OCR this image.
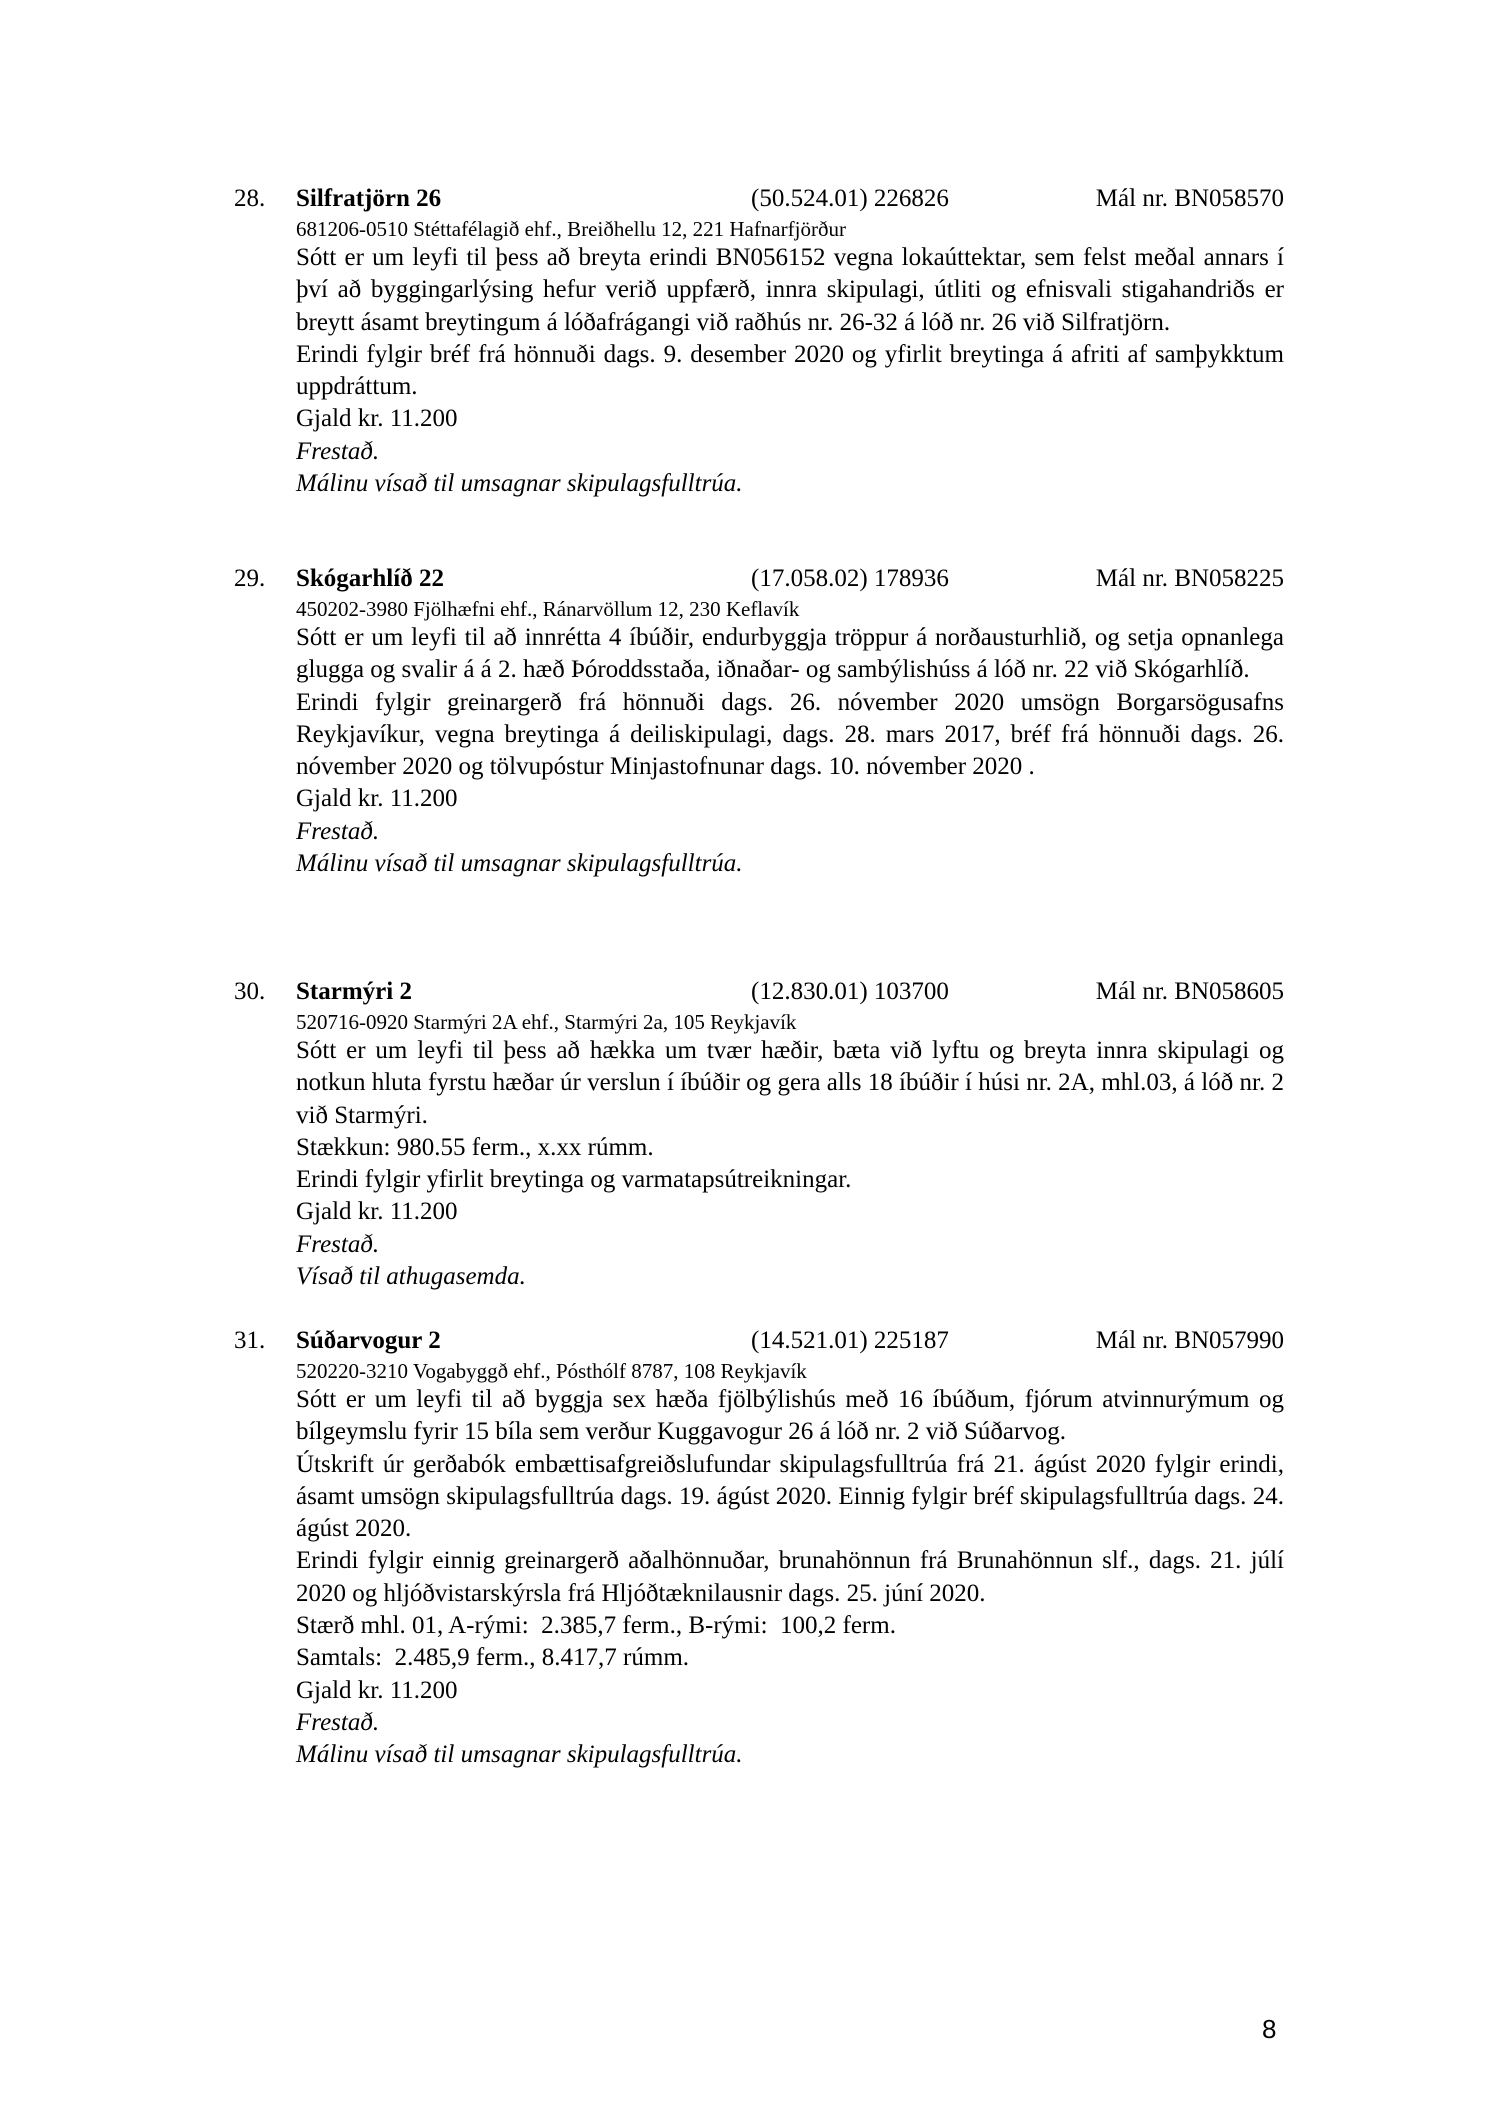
28. Silfratjörn 26	(50.524.01) 226826	Mál nr. BN058570
681206-0510 Stéttafélagið ehf., Breiðhellu 12, 221 Hafnarfjörður
Sótt er um leyfi til þess að breyta erindi BN056152 vegna lokaúttektar, sem felst meðal annars í því að byggingarlýsing hefur verið uppfærð, innra skipulagi, útliti og efnisvali stigahandriðs er breytt ásamt breytingum á lóðafrágangi við raðhús nr. 26-32 á lóð nr. 26 við Silfratjörn.
Erindi fylgir bréf frá hönnuði dags. 9. desember 2020 og yfirlit breytinga á afriti af samþykktum uppdráttum.
Gjald kr. 11.200
Frestað.
Málinu vísað til umsagnar skipulagsfulltrúa.
29. Skógarhlíð 22	(17.058.02) 178936	Mál nr. BN058225
450202-3980 Fjölhæfni ehf., Ránarvöllum 12, 230 Keflavík
Sótt er um leyfi til að innrétta 4 íbúðir, endurbyggja tröppur á norðausturhlið, og setja opnanlega glugga og svalir á á 2. hæð Þóroddsstaða, iðnaðar- og sambýlishúss á lóð nr. 22 við Skógarhlíð.
Erindi fylgir greinargerð frá hönnuði dags. 26. nóvember 2020 umsögn Borgarsögusafns Reykjavíkur, vegna breytinga á deiliskipulagi, dags. 28. mars 2017, bréf frá hönnuði dags. 26. nóvember 2020 og tölvupóstur Minjastofnunar dags. 10. nóvember 2020 .
Gjald kr. 11.200
Frestað.
Málinu vísað til umsagnar skipulagsfulltrúa.
30. Starmýri 2	(12.830.01) 103700	Mál nr. BN058605
520716-0920 Starmýri 2A ehf., Starmýri 2a, 105 Reykjavík
Sótt er um leyfi til þess að hækka um tvær hæðir, bæta við lyftu og breyta innra skipulagi og notkun hluta fyrstu hæðar úr verslun í íbúðir og gera alls 18 íbúðir í húsi nr. 2A, mhl.03, á lóð nr. 2 við Starmýri.
Stækkun: 980.55 ferm., x.xx rúmm.
Erindi fylgir yfirlit breytinga og varmatapsútreikningar.
Gjald kr. 11.200
Frestað.
Vísað til athugasemda.
31. Súðarvogur 2	(14.521.01) 225187	Mál nr. BN057990
520220-3210 Vogabyggð ehf., Pósthólf 8787, 108 Reykjavík
Sótt er um leyfi til að byggja sex hæða fjölbýlishús með 16 íbúðum, fjórum atvinnurýmum og bílgeymslu fyrir 15 bíla sem verður Kuggavogur 26 á lóð nr. 2 við Súðarvog.
Útskrift úr gerðabók embættisafgreiðslufundar skipulagsfulltrúa frá 21. ágúst 2020 fylgir erindi, ásamt umsögn skipulagsfulltrúa dags. 19. ágúst 2020. Einnig fylgir bréf skipulagsfulltrúa dags. 24. ágúst 2020.
Erindi fylgir einnig greinargerð aðalhönnuðar, brunahönnun frá Brunahönnun slf., dags. 21. júlí 2020 og hljóðvistarskýrsla frá Hljóðtæknilausnir dags. 25. júní 2020.
Stærð mhl. 01, A-rými:  2.385,7 ferm., B-rými:  100,2 ferm.
Samtals:  2.485,9 ferm., 8.417,7 rúmm.
Gjald kr. 11.200
Frestað.
Málinu vísað til umsagnar skipulagsfulltrúa.
8
